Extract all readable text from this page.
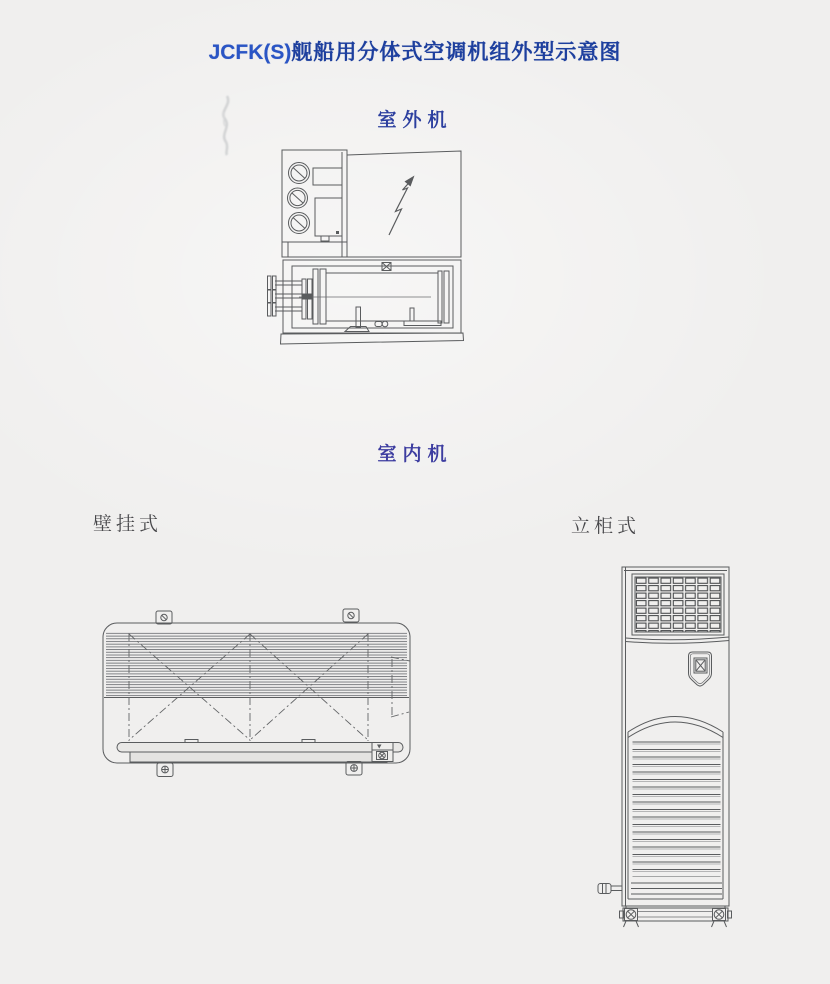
JCFK(S)舰船用分体式空调机组外型示意图
室外机
室内机
壁挂式	立柜式
